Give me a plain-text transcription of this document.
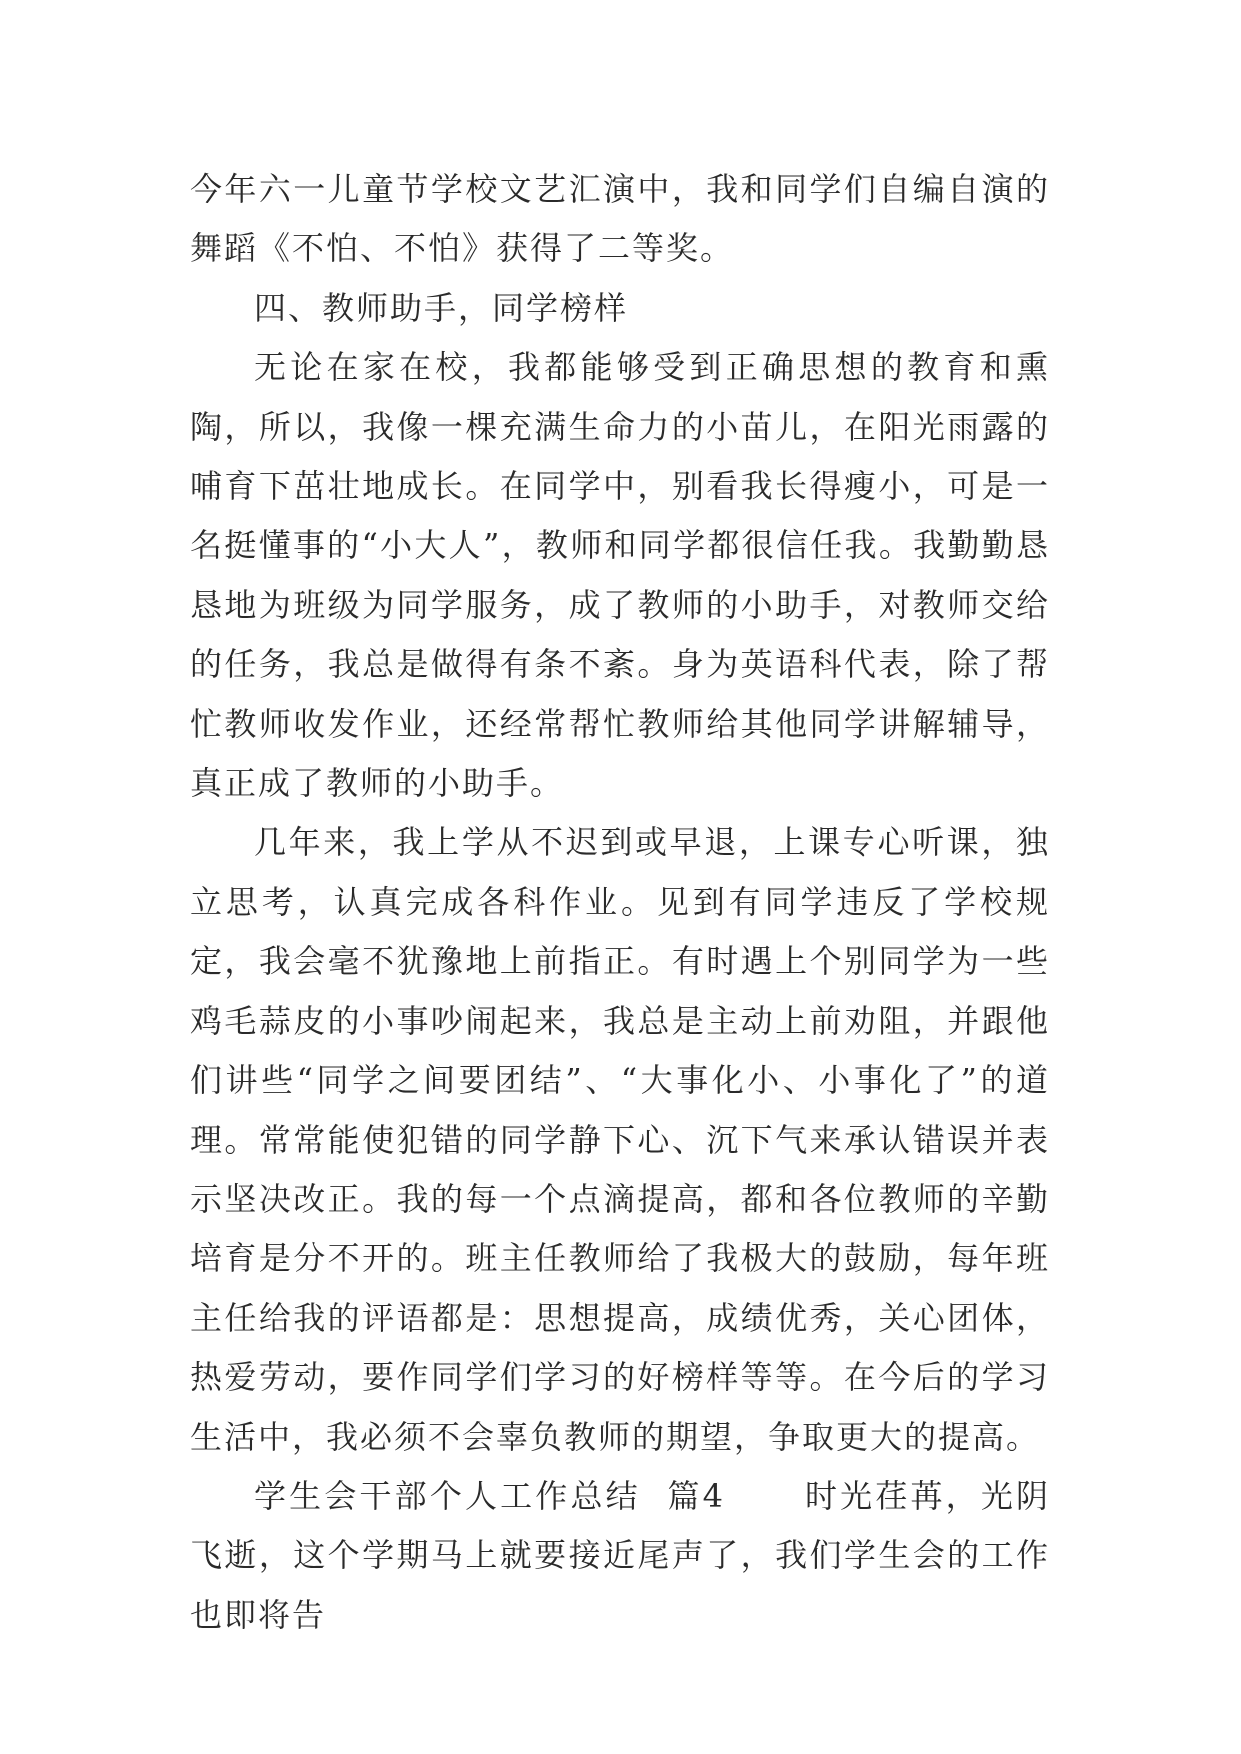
今年六一儿童节学校文艺汇演中，我和同学们自编自演的舞蹈《不怕、不怕》获得了二等奖。

四、教师助手，同学榜样

无论在家在校，我都能够受到正确思想的教育和熏陶，所以，我像一棵充满生命力的小苗儿，在阳光雨露的哺育下茁壮地成长。在同学中，别看我长得瘦小，可是一名挺懂事的“小大人”，教师和同学都很信任我。我勤勤恳恳地为班级为同学服务，成了教师的小助手，对教师交给的任务，我总是做得有条不紊。身为英语科代表，除了帮忙教师收发作业，还经常帮忙教师给其他同学讲解辅导，真正成了教师的小助手。

几年来，我上学从不迟到或早退，上课专心听课，独立思考，认真完成各科作业。见到有同学违反了学校规定，我会毫不犹豫地上前指正。有时遇上个别同学为一些鸡毛蒜皮的小事吵闹起来，我总是主动上前劝阻，并跟他们讲些“同学之间要团结”、“大事化小、小事化了”的道理。常常能使犯错的同学静下心、沉下气来承认错误并表示坚决改正。我的每一个点滴提高，都和各位教师的辛勤培育是分不开的。班主任教师给了我极大的鼓励，每年班主任给我的评语都是：思想提高，成绩优秀，关心团体，热爱劳动，要作同学们学习的好榜样等等。在今后的学习生活中，我必须不会辜负教师的期望，争取更大的提高。

学生会干部个人工作总结  篇4      时光荏苒，光阴飞逝，这个学期马上就要接近尾声了，我们学生会的工作也即将告
